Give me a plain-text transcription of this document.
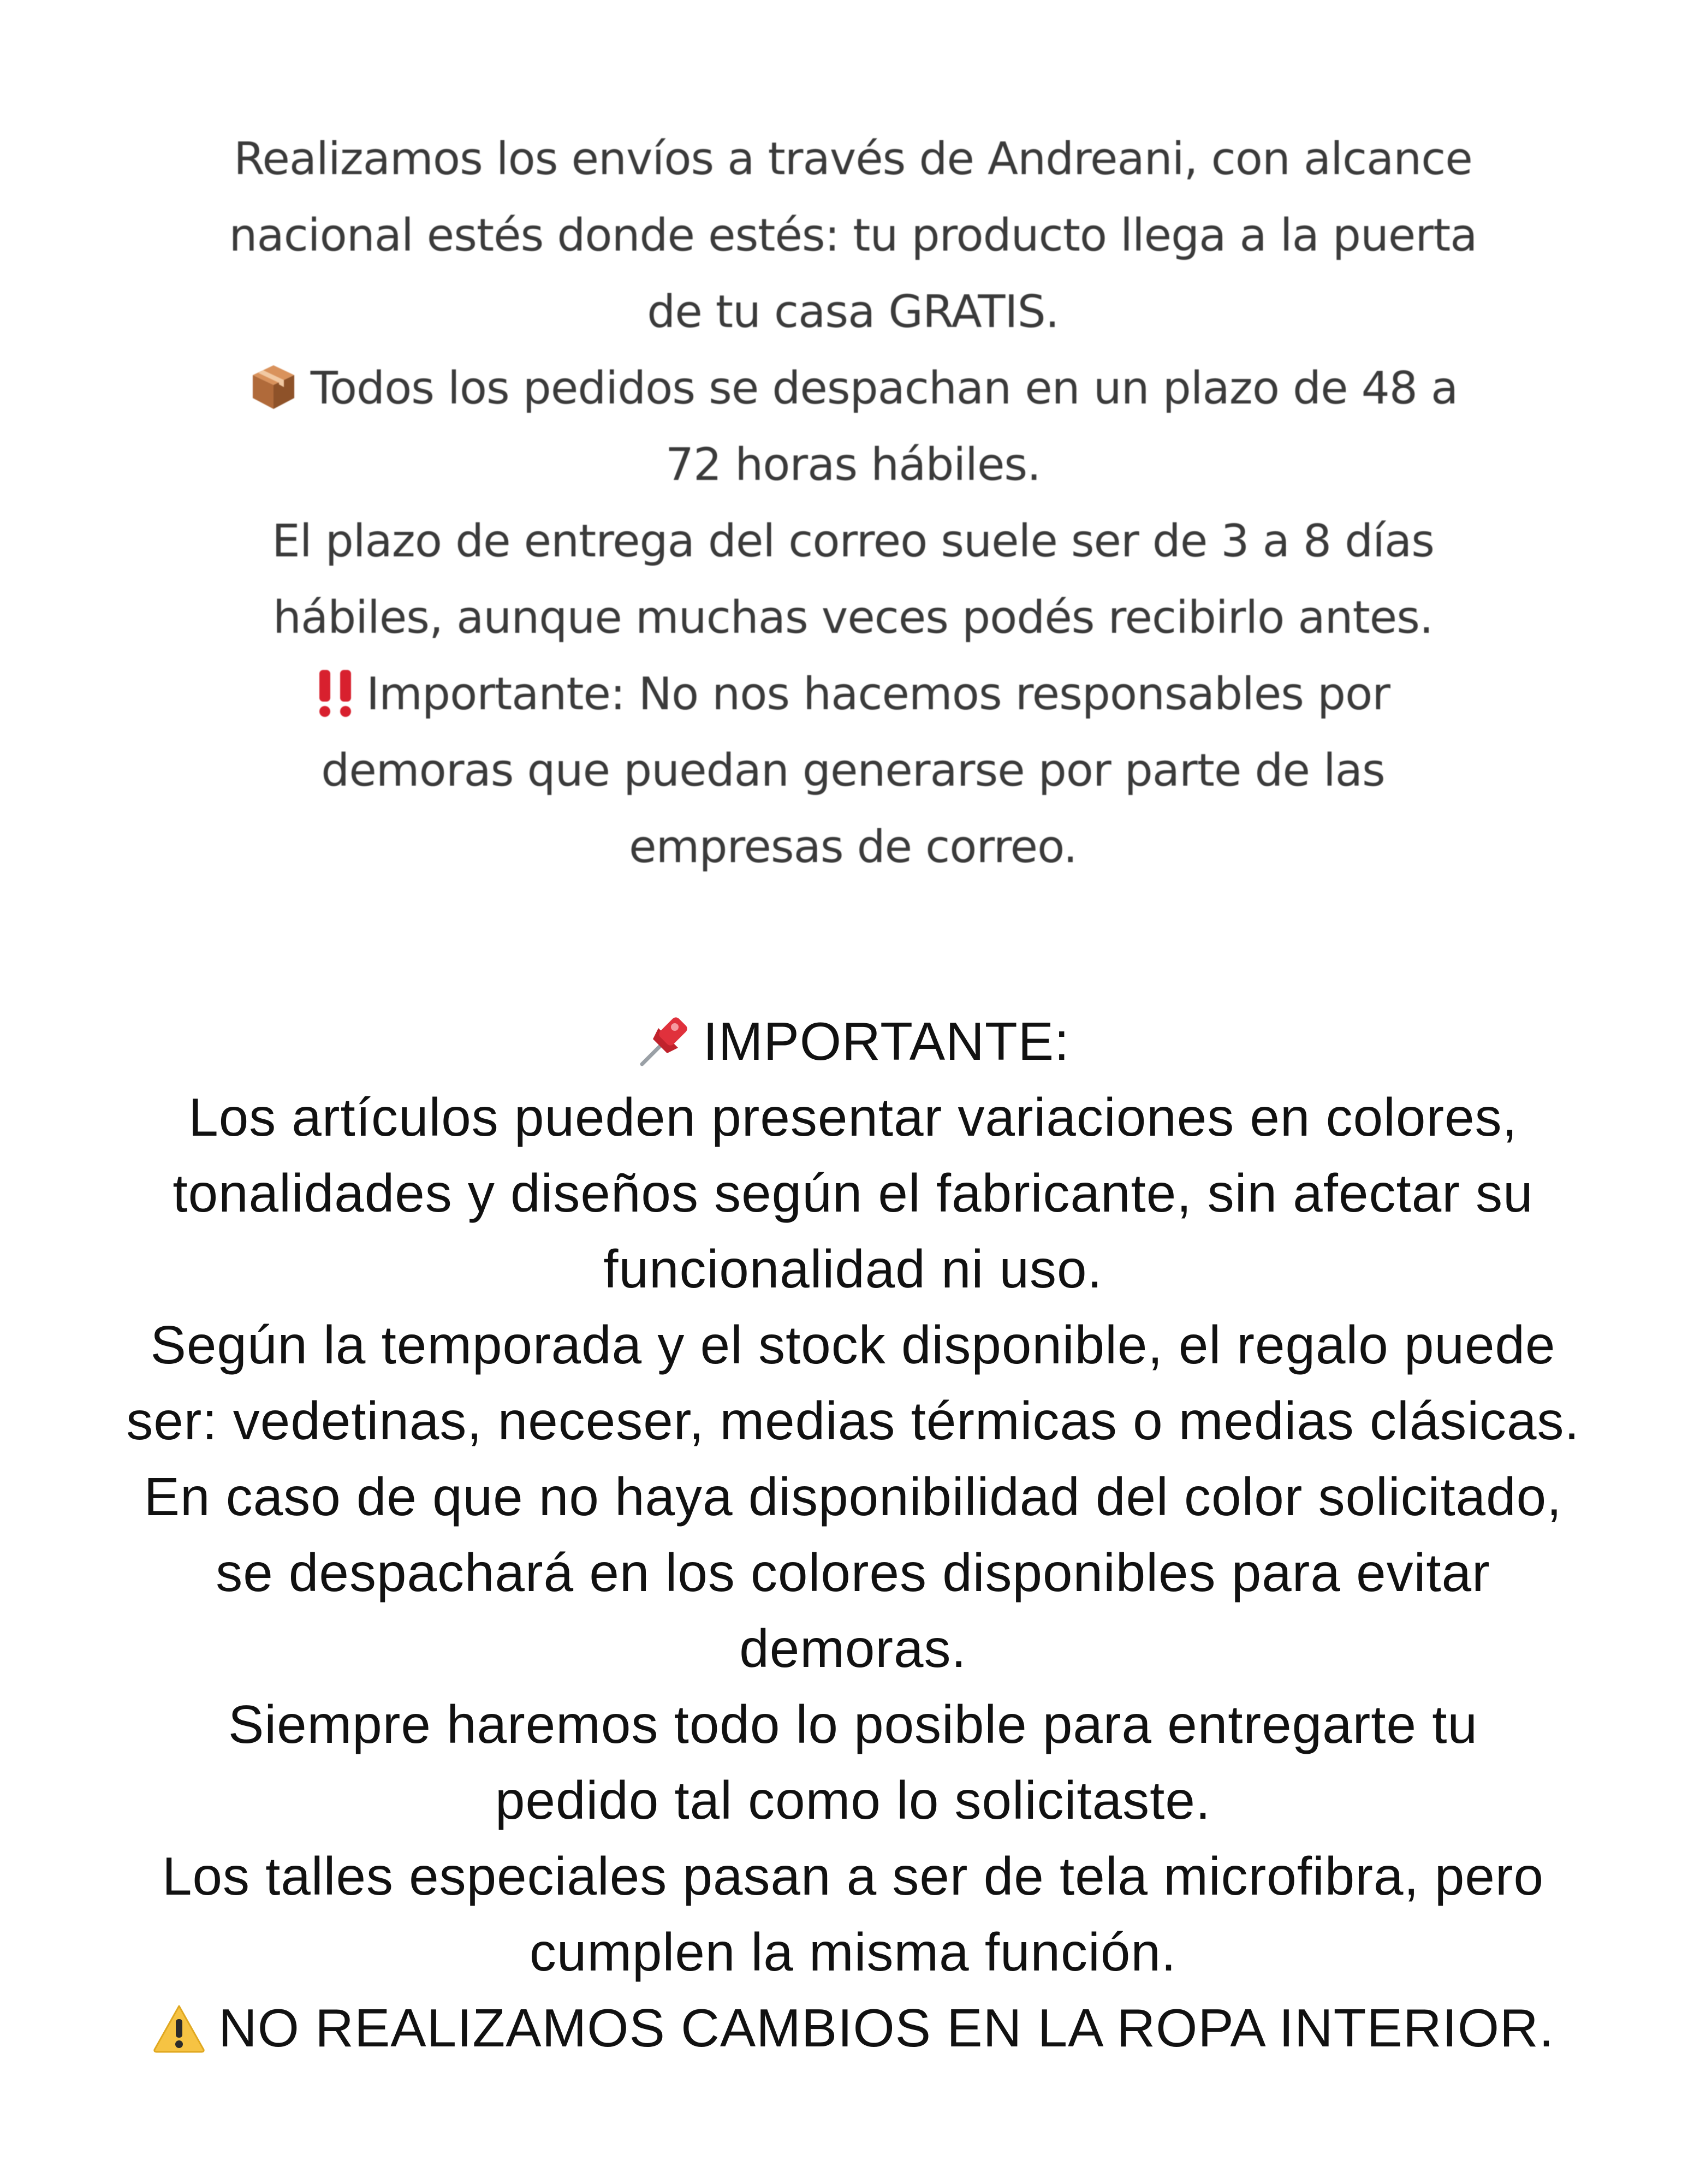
Realizamos los envíos a través de Andreani, con alcance
nacional estés donde estés: tu producto llega a la puerta
de tu casa GRATIS.
Todos los pedidos se despachan en un plazo de 48 a
72 horas hábiles.
El plazo de entrega del correo suele ser de 3 a 8 días
hábiles, aunque muchas veces podés recibirlo antes.
Importante: No nos hacemos responsables por
demoras que puedan generarse por parte de las
empresas de correo.
IMPORTANTE:
Los artículos pueden presentar variaciones en colores,
tonalidades y diseños según el fabricante, sin afectar su
funcionalidad ni uso.
Según la temporada y el stock disponible, el regalo puede
ser: vedetinas, neceser, medias térmicas o medias clásicas.
En caso de que no haya disponibilidad del color solicitado,
se despachará en los colores disponibles para evitar
demoras.
Siempre haremos todo lo posible para entregarte tu
pedido tal como lo solicitaste.
Los talles especiales pasan a ser de tela microfibra, pero
cumplen la misma función.
NO REALIZAMOS CAMBIOS EN LA ROPA INTERIOR.
